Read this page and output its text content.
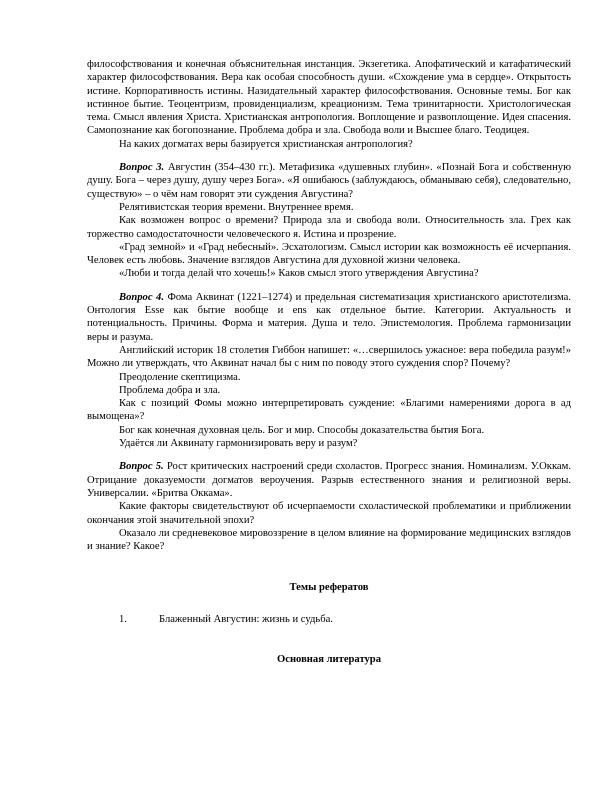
философствования и конечная объяснительная инстанция. Экзегетика. Апофатический и катафатический характер философствования. Вера как особая способность души. «Схождение ума в сердце». Открытость истине. Корпоративность истины. Назидательный характер философствования. Основные темы. Бог как истинное бытие. Теоцентризм, провиденциализм, креационизм. Тема тринитарности. Христологическая тема. Смысл явления Христа. Христианская антропология. Воплощение и развоплощение. Идея спасения. Самопознание как богопознание. Проблема добра и зла. Свобода воли и Высшее благо. Теодицея.

На каких догматах веры базируется христианская антропология?

Вопрос 3. Августин (354–430 гг.). Метафизика «душевных глубин». «Познай Бога и собственную душу. Бога – через душу, душу через Бога». «Я ошибаюсь (заблуждаюсь, обманываю себя), следовательно, существую» – о чём нам говорят эти суждения Августина?

Релятивистская теория времени. Внутреннее время.

Как возможен вопрос о времени? Природа зла и свобода воли. Относительность зла. Грех как торжество самодостаточности человеческого я. Истина и прозрение.

«Град земной» и «Град небесный». Эсхатологизм. Смысл истории как возможность её исчерпания. Человек есть любовь. Значение взглядов Августина для духовной жизни человека.

«Люби и тогда делай что хочешь!» Каков смысл этого утверждения Августина?

Вопрос 4. Фома Аквинат (1221–1274) и предельная систематизация христианского аристотелизма. Онтология Esse как бытие вообще и ens как отдельное бытие. Категории. Актуальность и потенциальность. Причины. Форма и материя. Душа и тело. Эпистемология. Проблема гармонизации веры и разума.

Английский историк 18 столетия Гиббон напишет: «…свершилось ужасное: вера победила разум!» Можно ли утверждать, что Аквинат начал бы с ним по поводу этого суждения спор? Почему?

Преодоление скептицизма.

Проблема добра и зла.

Как с позиций Фомы можно интерпретировать суждение: «Благими намерениями дорога в ад вымощена»?

Бог как конечная духовная цель. Бог и мир. Способы доказательства бытия Бога.

Удаётся ли Аквинату гармонизировать веру и разум?

Вопрос 5. Рост критических настроений среди схоластов. Прогресс знания. Номинализм. У.Оккам. Отрицание доказуемости догматов вероучения. Разрыв естественного знания и религиозной веры. Универсалии. «Бритва Оккама».

Какие факторы свидетельствуют об исчерпаемости схоластической проблематики и приближении окончания этой значительной эпохи?

Оказало ли средневековое мировоззрение в целом влияние на формирование медицинских взглядов и знание? Какое?

Темы рефератов

1.	Блаженный Августин: жизнь и судьба.

Основная литература
